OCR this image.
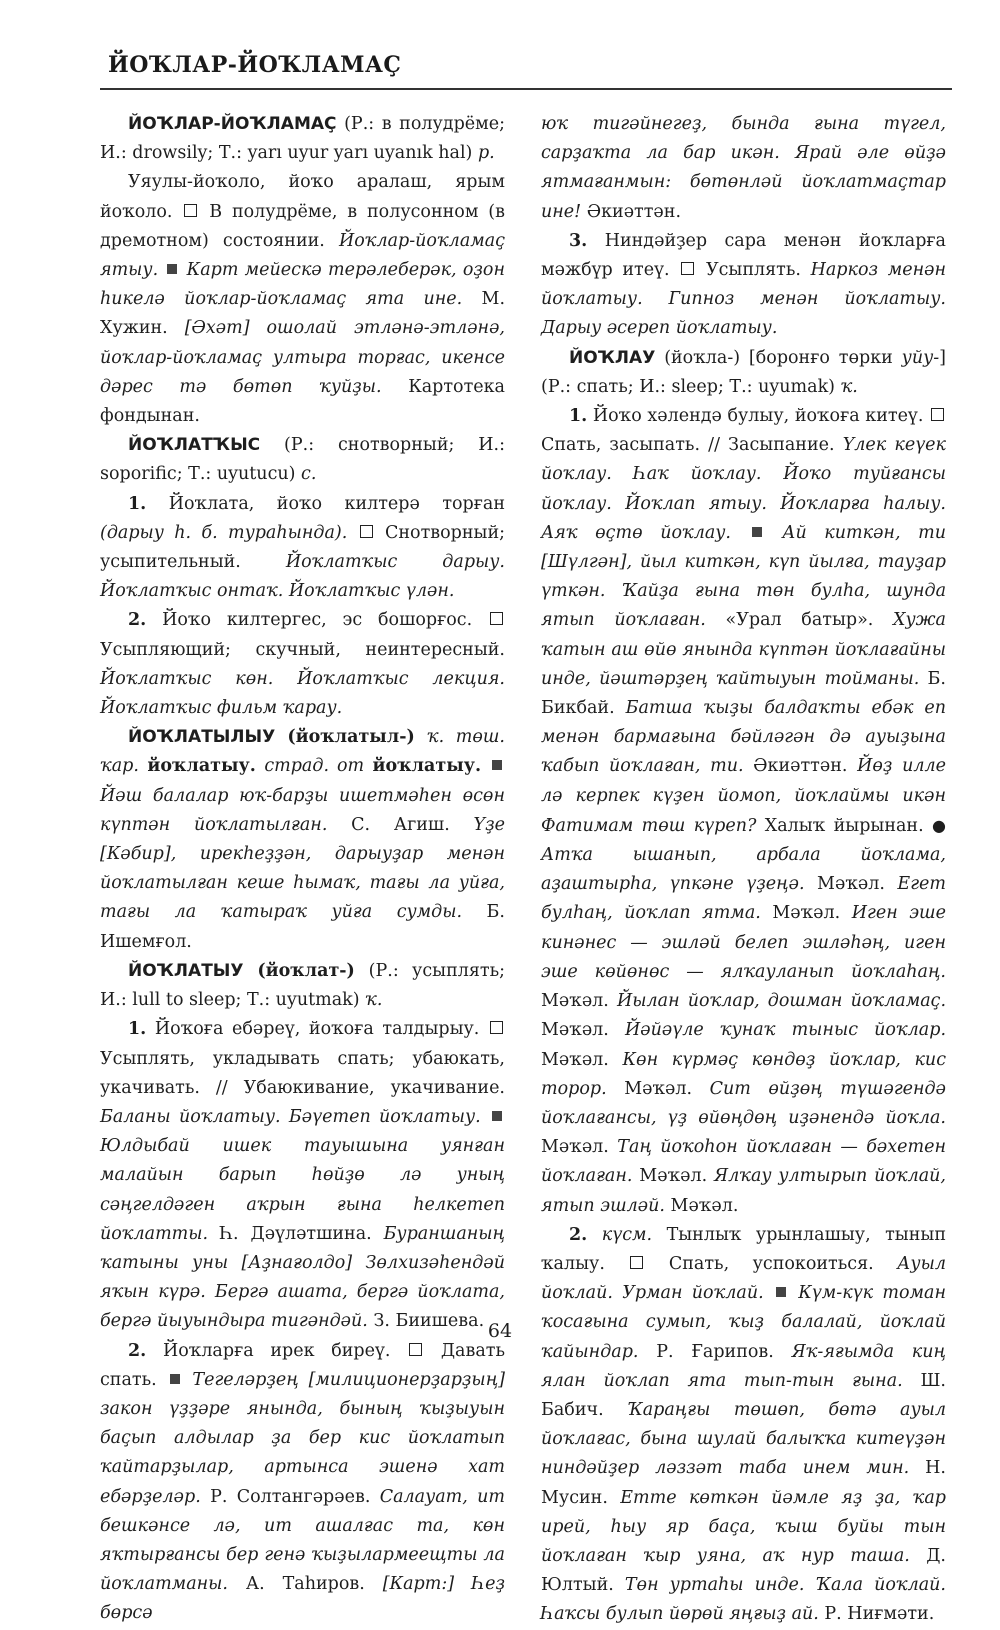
ЙОҠЛАР-ЙОҠЛАМАҪ

ЙОҠЛАР-ЙОҠЛАМАҪ (Р.: в полудрёме; И.: drowsily; Т.: yarı uyur yarı uyanık hal) р.

Уяулы-йоҡоло, йоҡо аралаш, ярым йоҡоло.  В полудрёме, в полусонном (в дремотном) состоянии. Йоҡлар-йоҡламаҫ ятыу. Карт мейескә терәлеберәк, оҙон һикелә йоҡлар-йоҡламаҫ ята ине. М. Хужин. [Әхәт] ошолай этләнә-этләнә, йоҡлар-йоҡламаҫ ултыра торғас, икенсе дәрес тә бөтөп ҡуйҙы. Картотека фондынан.

ЙОҠЛАТҠЫС (Р.: снотворный; И.: soporific; Т.: uyutucu) с.

1. Йоҡлата, йоҡо килтерә торған (дарыу һ. б. тураһында).  Снотворный; усыпительный. Йоҡлатҡыс дарыу. Йоҡлатҡыс онтаҡ. Йоҡлатҡыс үлән.

2. Йоҡо килтергес, эс бошорғос.  Усыпляющий; скучный, неинтересный. Йоҡлатҡыс көн. Йоҡлатҡыс лекция. Йоҡлатҡыс фильм ҡарау.

ЙОҠЛАТЫЛЫУ (йоҡлатыл-) ҡ. төш. ҡар. йоҡлатыу. страд. от йоҡлатыу.  Йәш балалар юҡ-барҙы ишетмәһен өсөн күптән йоҡлатылған. С. Агиш. Үҙе [Кәбир], ирекһеҙҙән, дарыуҙар менән йоҡлатылған кеше һымаҡ, тағы ла уйға, тағы ла ҡатыраҡ уйға сумды. Б. Ишемғол.

ЙОҠЛАТЫУ (йоҡлат-) (Р.: усыплять; И.: lull to sleep; Т.: uyutmak) ҡ.

1. Йоҡоға ебәреү, йоҡоға талдырыу.  Усыплять, укладывать спать; убаюкать, укачивать. // Убаюкивание, укачивание. Баланы йоҡлатыу. Бәүетеп йоҡлатыу.  Юлдыбай ишек тауышына уянған малайын барып һөйҙө лә уның сәңгелдәген аҡрын ғына һелкетеп йоҡлатты. Һ. Дәүләтшина. Бураншаның ҡатыны уны [Аҙнағолдо] Зөлхизәһендәй яҡын күрә. Бергә ашата, бергә йоҡлата, бергә йыуындыра тигәндәй. З. Биишева.

2. Йоҡларға ирек биреү.  Давать спать. Тегеләрҙең [милиционерҙарҙың] закон үҙҙәре янында, бының ҡыҙыуын баҫып алдылар ҙа бер кис йоҡлатып ҡайтарҙылар, артынса эшенә хат ебәрҙеләр. Р. Солтангәрәев. Салауат, ит бешкәнсе лә, ит ашалғас та, көн яҡтырғансы бер генә ҡыҙылармеещты ла йоҡлатманы. А. Таһиров. [Карт:] Һеҙ бөрсә

юҡ тигәйнегеҙ, бында ғына түгел, сарҙаҡта ла бар икән. Ярай әле өйҙә ятмағанмын: бөтөнләй йоҡлатмаҫтар ине! Әкиәттән.

3. Ниндәйҙер сара менән йоҡларға мәжбүр итеү.  Усыплять. Наркоз менән йоҡлатыу. Гипноз менән йоҡлатыу. Дарыу әсереп йоҡлатыу.

ЙОҠЛАУ (йоҡла-) [боронғо төрки уйу-] (Р.: спать; И.: sleep; Т.: uyumak) ҡ.

1. Йоҡо хәлендә булыу, йоҡоға китеү.  Спать, засыпать. // Засыпание. Үлек кеүек йоҡлау. Һаҡ йоҡлау. Йоҡо туйғансы йоҡлау. Йоҡлап ятыу. Йоҡларға һалыу. Аяҡ өҫтө йоҡлау.	Ай киткән, ти [Шүлгән], йыл киткән, күп йылға, тауҙар үткән. Ҡайҙа ғына төн булһа, шунда ятып йоҡлаған. «Урал батыр». Хужа ҡатын аш өйө янында күптән йоҡлағайны инде, йәштәрҙең ҡайтыуын тойманы. Б. Бикбай. Батша ҡыҙы балдаҡты ебәк еп менән бармағына бәйләгән дә ауыҙына ҡабып йоҡлаған, ти. Әкиәттән. Йөҙ илле лә керпек күҙен йомоп, йоҡлаймы икән Фатимам төш күреп? Халыҡ йырынан. ● Атҡа ышанып, арбала йоҡлама, аҙаштырһа, үпкәне үҙеңә. Мәҡәл. Егет булһаң, йоҡлап ятма. Мәҡәл. Иген эше кинәнес — эшләй белеп эшләһәң, иген эше көйөнөс — ялҡауланып йоҡлаһаң. Мәҡәл. Йылан йоҡлар, дошман йоҡламаҫ. Мәҡәл. Йәйәүле ҡунаҡ тыныс йоҡлар. Мәҡәл. Көн күрмәҫ көндөҙ йоҡлар, кис торор. Мәҡәл. Сит өйҙөң түшәгендә йоҡлағансы, үҙ өйөңдөң иҙәнендә йоҡла. Мәҡәл. Таң йоҡоһон йоҡлаған — бәхетен йоҡлаған. Мәҡәл. Ялҡау ултырып йоҡлай, ятып эшләй. Мәҡәл.

2. күсм. Тынлыҡ урынлашыу, тынып ҡалыу.  Спать, успокоиться. Ауыл йоҡлай. Урман йоҡлай. Күм-күк томан ҡосағына сумып, ҡыҙ балалай, йоҡлай ҡайындар. Р. Ғарипов. Яҡ-яғымда киң ялан йоҡлап ята тып-тын ғына. Ш. Бабич. Ҡараңғы төшөп, бөтә ауыл йоҡлағас, бына шулай балыҡҡа китеүҙән ниндәйҙер ләззәт таба инем мин. Н. Мусин. Етте көткән йәмле яҙ ҙа, ҡар ирей, һыу яр баҫа, ҡыш буйы тын йоҡлаған ҡыр уяна, аҡ нур таша. Д. Юлтый. Төн уртаһы инде. Ҡала йоҡлай. Һаҡсы булып йөрөй яңғыҙ ай. Р. Ниғмәти.

64
